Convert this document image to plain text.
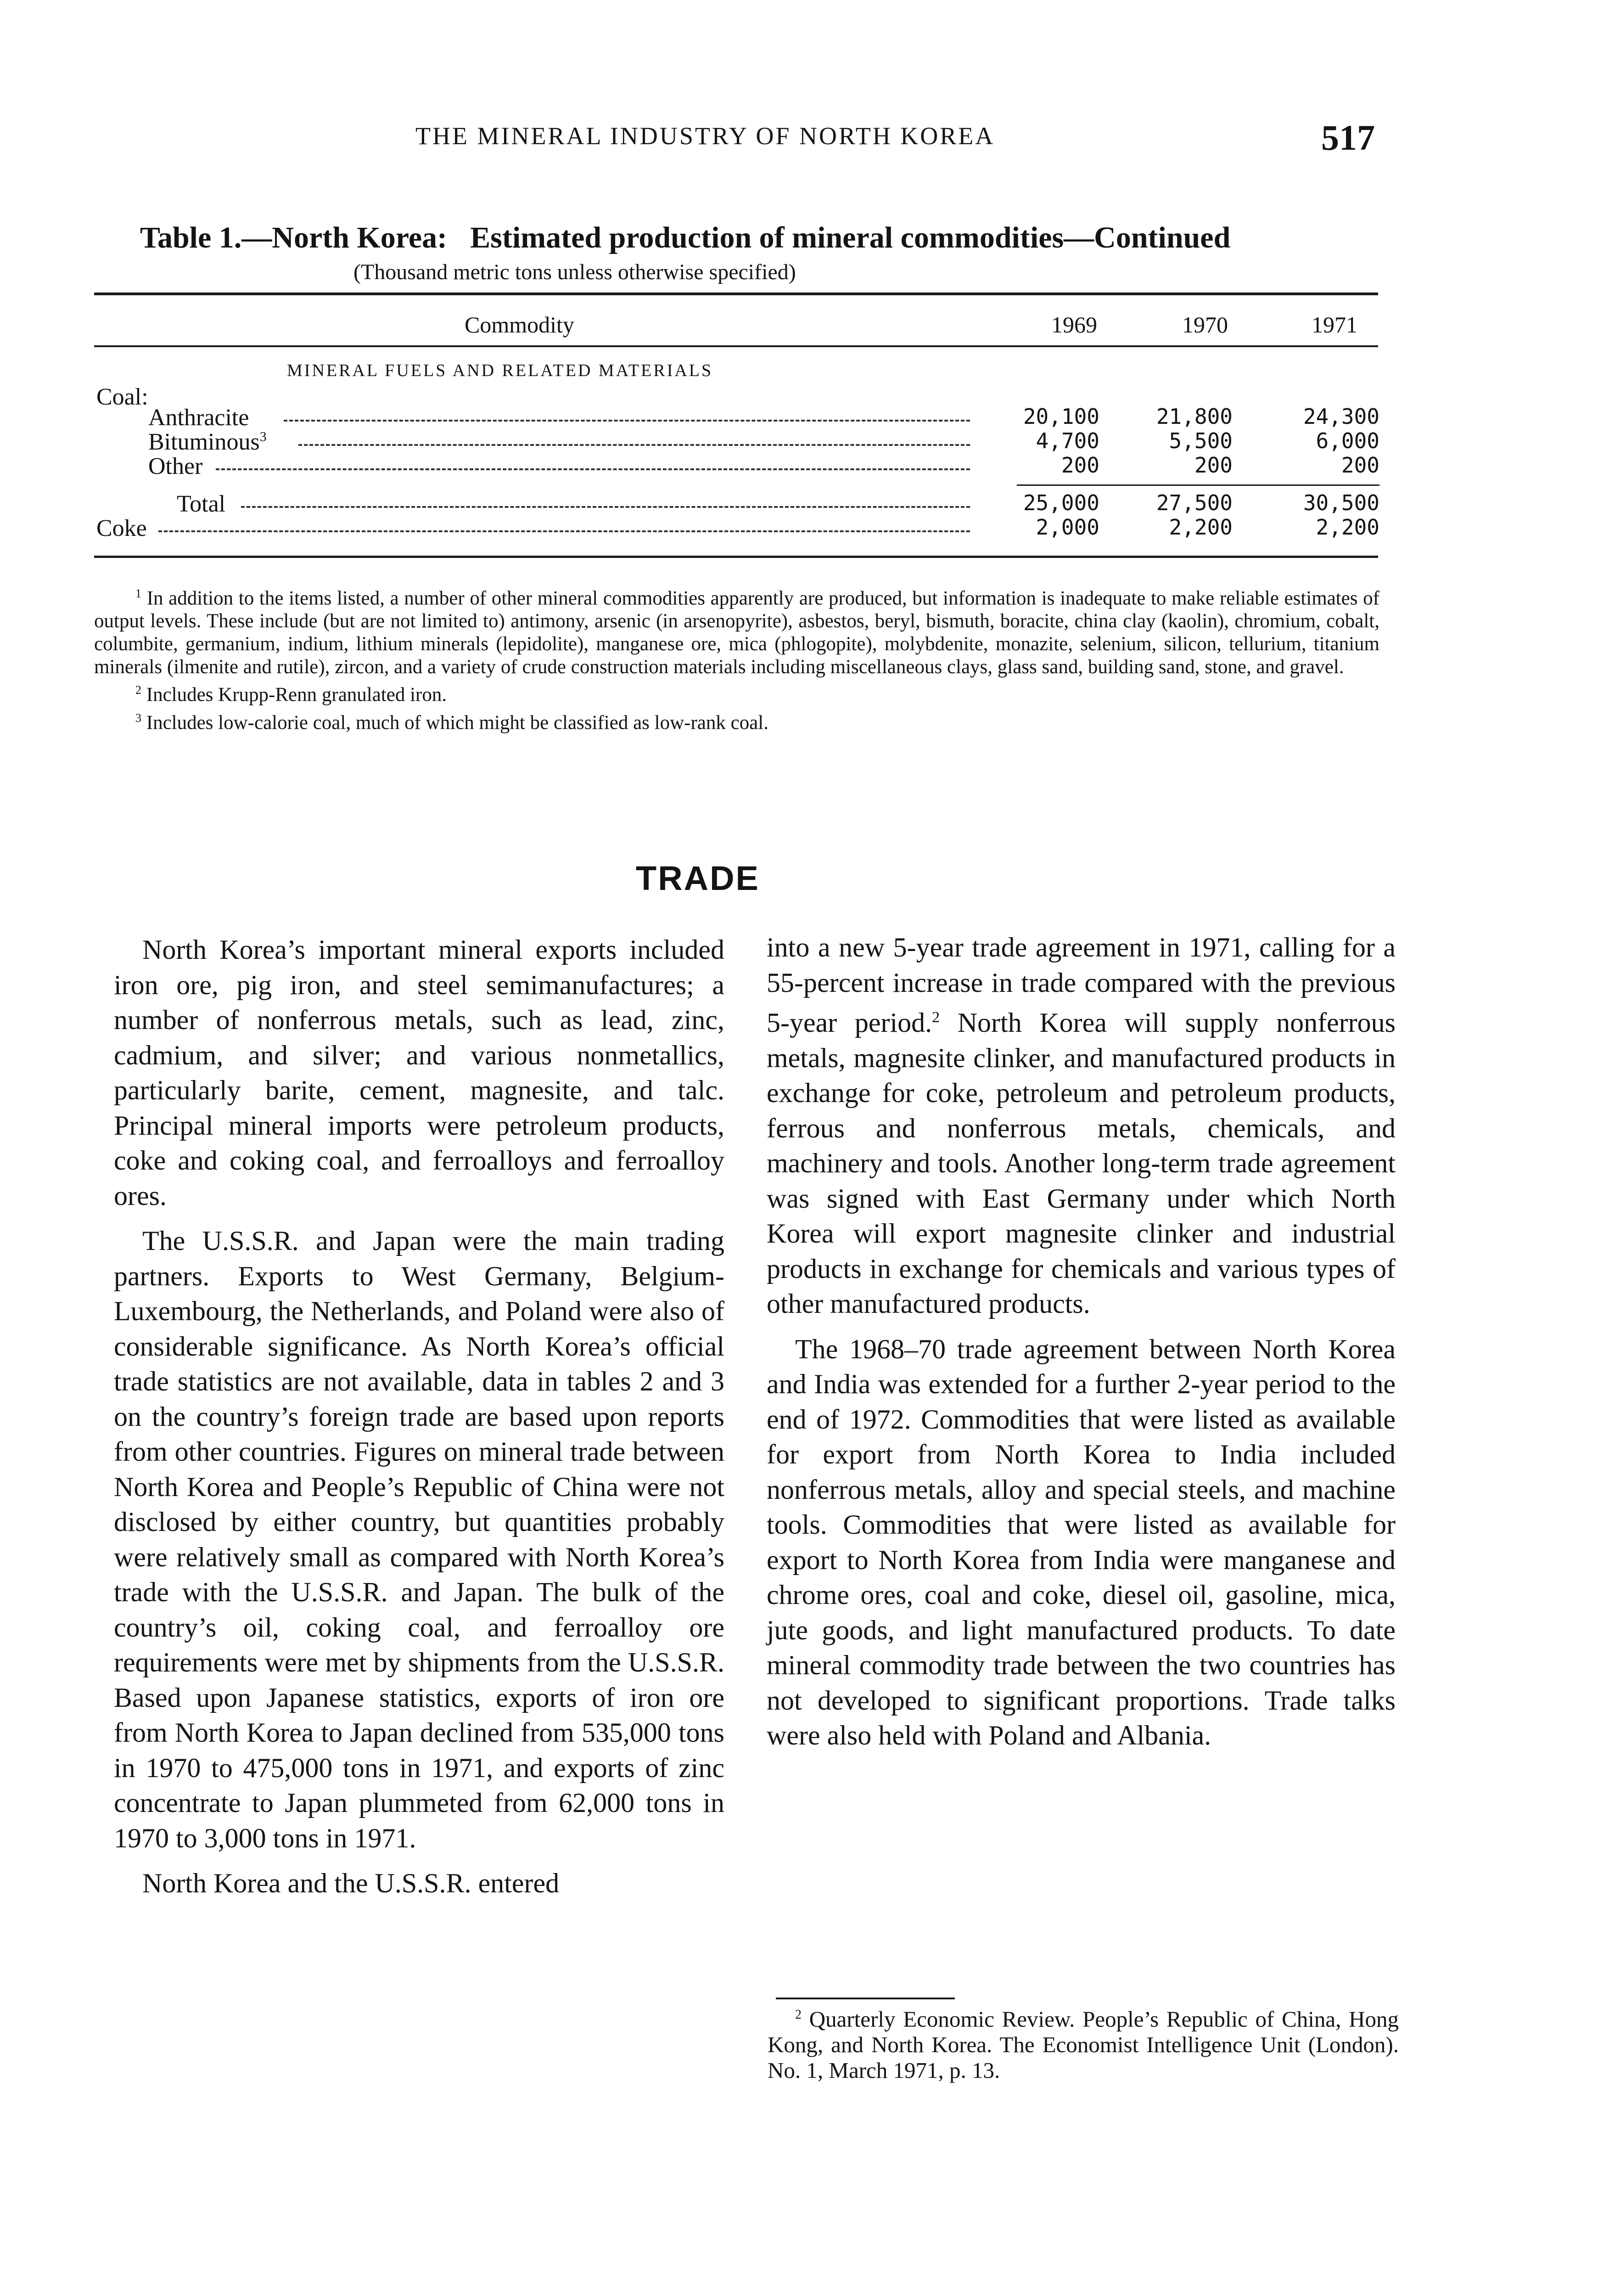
THE MINERAL INDUSTRY OF NORTH KOREA	517
Table 1.—North Korea: Estimated production of mineral commodities—Continued
(Thousand metric tons unless otherwise specified)
Commodity	1969	1970	1971
MINERAL FUELS AND RELATED MATERIALS
Coal:
Anthracite	20,100	21,800	24,300
Bituminous$^3$	4,700	5,500	6,000
Other	200	200	200
Total	25,000	27,500	30,500
Coke	2,000	2,200	2,200

$^1$ In addition to the items listed, a number of other mineral commodities apparently are produced, but information is inadequate to make reliable estimates of output levels. These include (but are not limited to) antimony, arsenic (in arsenopyrite), asbestos, beryl, bismuth, boracite, china clay (kaolin), chromium, cobalt, columbite, germanium, indium, lithium minerals (lepidolite), manganese ore, mica (phlogopite), molybdenite, monazite, selenium, silicon, tellurium, titanium minerals (ilmenite and rutile), zircon, and a variety of crude construction materials including miscellaneous clays, glass sand, building sand, stone, and gravel.

$^2$ Includes Krupp-Renn granulated iron.

$^3$ Includes low-calorie coal, much of which might be classified as low-rank coal.

TRADE

North Korea’s important mineral exports included iron ore, pig iron, and steel semimanufactures; a number of nonferrous metals, such as lead, zinc, cadmium, and silver; and various nonmetallics, particularly barite, cement, magnesite, and talc. Principal mineral imports were petroleum products, coke and coking coal, and ferroalloys and ferroalloy ores.

The U.S.S.R. and Japan were the main trading partners. Exports to West Germany, Belgium-Luxembourg, the Netherlands, and Poland were also of considerable significance. As North Korea’s official trade statistics are not available, data in tables 2 and 3 on the country’s foreign trade are based upon reports from other countries. Figures on mineral trade between North Korea and People’s Republic of China were not disclosed by either country, but quantities probably were relatively small as compared with North Korea’s trade with the U.S.S.R. and Japan. The bulk of the country’s oil, coking coal, and ferroalloy ore requirements were met by shipments from the U.S.S.R. Based upon Japanese statistics, exports of iron ore from North Korea to Japan declined from 535,000 tons in 1970 to 475,000 tons in 1971, and exports of zinc concentrate to Japan plummeted from 62,000 tons in 1970 to 3,000 tons in 1971.

North Korea and the U.S.S.R. entered

into a new 5-year trade agreement in 1971, calling for a 55-percent increase in trade compared with the previous 5-year period.$^2$ North Korea will supply nonferrous metals, magnesite clinker, and manufactured products in exchange for coke, petroleum and petroleum products, ferrous and nonferrous metals, chemicals, and machinery and tools. Another long-term trade agreement was signed with East Germany under which North Korea will export magnesite clinker and industrial products in exchange for chemicals and various types of other manufactured products.

The 1968–70 trade agreement between North Korea and India was extended for a further 2-year period to the end of 1972. Commodities that were listed as available for export from North Korea to India included nonferrous metals, alloy and special steels, and machine tools. Commodities that were listed as available for export to North Korea from India were manganese and chrome ores, coal and coke, diesel oil, gasoline, mica, jute goods, and light manufactured products. To date mineral commodity trade between the two countries has not developed to significant proportions. Trade talks were also held with Poland and Albania.

$^2$ Quarterly Economic Review. People’s Republic of China, Hong Kong, and North Korea. The Economist Intelligence Unit (London). No. 1, March 1971, p. 13.
